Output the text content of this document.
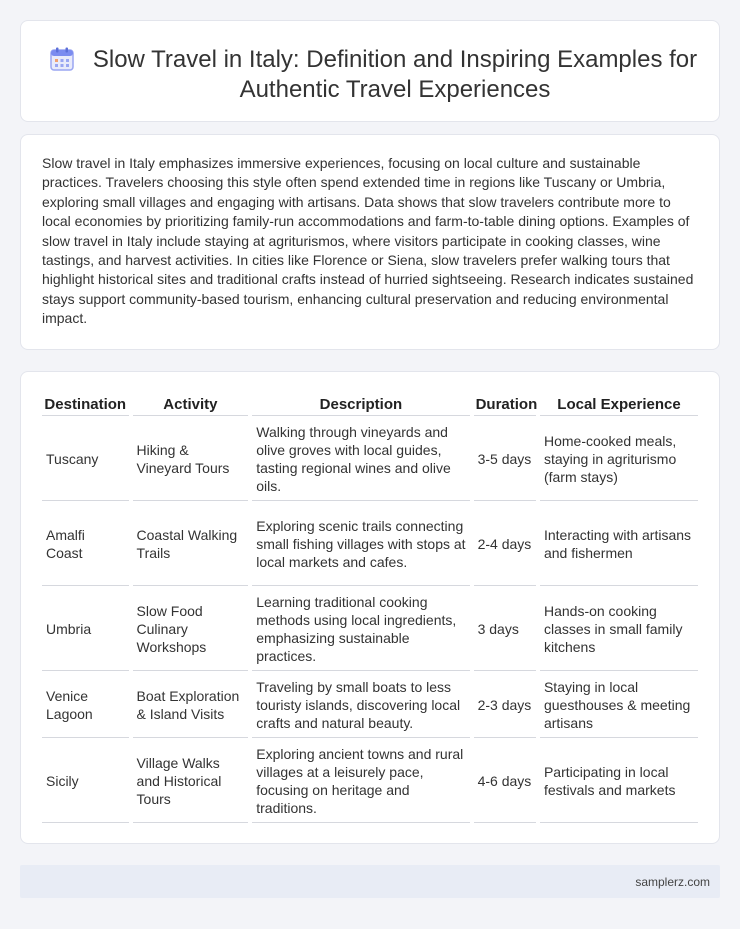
Slow Travel in Italy: Definition and Inspiring Examples for Authentic Travel Experiences

Slow travel in Italy emphasizes immersive experiences, focusing on local culture and sustainable practices. Travelers choosing this style often spend extended time in regions like Tuscany or Umbria, exploring small villages and engaging with artisans. Data shows that slow travelers contribute more to local economies by prioritizing family-run accommodations and farm-to-table dining options. Examples of slow travel in Italy include staying at agriturismos, where visitors participate in cooking classes, wine tastings, and harvest activities. In cities like Florence or Siena, slow travelers prefer walking tours that highlight historical sites and traditional crafts instead of hurried sightseeing. Research indicates sustained stays support community-based tourism, enhancing cultural preservation and reducing environmental impact.

Destination	Activity	Description	Duration	Local Experience
Tuscany	Hiking & Vineyard Tours	Walking through vineyards and olive groves with local guides, tasting regional wines and olive oils.	3-5 days	Home-cooked meals, staying in agriturismo (farm stays)
Amalfi Coast	Coastal Walking Trails	Exploring scenic trails connecting small fishing villages with stops at local markets and cafes.	2-4 days	Interacting with artisans and fishermen
Umbria	Slow Food Culinary Workshops	Learning traditional cooking methods using local ingredients, emphasizing sustainable practices.	3 days	Hands-on cooking classes in small family kitchens
Venice Lagoon	Boat Exploration & Island Visits	Traveling by small boats to less touristy islands, discovering local crafts and natural beauty.	2-3 days	Staying in local guesthouses & meeting artisans
Sicily	Village Walks and Historical Tours	Exploring ancient towns and rural villages at a leisurely pace, focusing on heritage and traditions.	4-6 days	Participating in local festivals and markets
samplerz.com
